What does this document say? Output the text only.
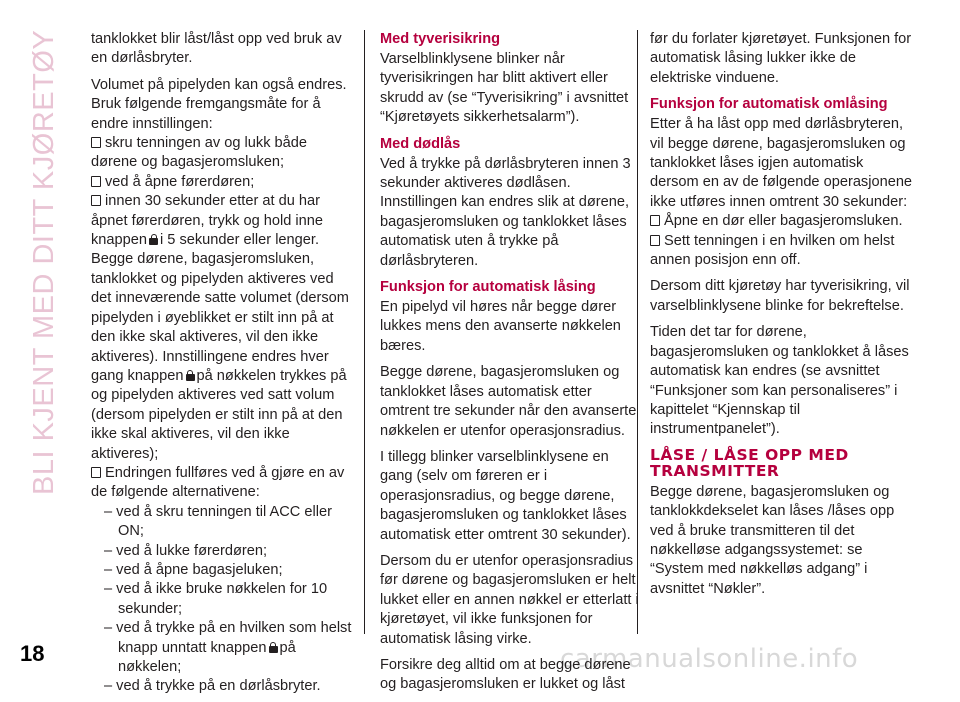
BLI KJENT MED DITT KJØRETØY
18	carmanualsonline.info

tanklokket blir låst/låst opp ved bruk av en dørlåsbryter.

Volumet på pipelyden kan også endres. Bruk følgende fremgangsmåte for å endre innstillingen:

skru tenningen av og lukk både dørene og bagasjeromsluken;

ved å åpne førerdøren;

innen 30 sekunder etter at du har åpnet førerdøren, trykk og hold inne knappen i 5 sekunder eller lenger. Begge dørene, bagasjeromsluken, tanklokket og pipelyden aktiveres ved det inneværende satte volumet (dersom pipelyden i øyeblikket er stilt inn på at den ikke skal aktiveres, vil den ikke aktiveres). Innstillingene endres hver gang knappen på nøkkelen trykkes på og pipelyden aktiveres ved satt volum (dersom pipelyden er stilt inn på at den ikke skal aktiveres, vil den ikke aktiveres);

Endringen fullføres ved å gjøre en av de følgende alternativene:

– ved å skru tenningen til ACC eller ON;

– ved å lukke førerdøren;

– ved å åpne bagasjeluken;

– ved å ikke bruke nøkkelen for 10 sekunder;

– ved å trykke på en hvilken som helst knapp unntatt knappen på nøkkelen;

– ved å trykke på en dørlåsbryter.

Med tyverisikring

Varselblinklysene blinker når tyverisikringen har blitt aktivert eller skrudd av (se “Tyverisikring” i avsnittet “Kjøretøyets sikkerhetsalarm”).

Med dødlås

Ved å trykke på dørlåsbryteren innen 3 sekunder aktiveres dødlåsen. Innstillingen kan endres slik at dørene, bagasjeromsluken og tanklokket låses automatisk uten å trykke på dørlåsbryteren.

Funksjon for automatisk låsing

En pipelyd vil høres når begge dører lukkes mens den avanserte nøkkelen bæres.

Begge dørene, bagasjeromsluken og tanklokket låses automatisk etter omtrent tre sekunder når den avanserte nøkkelen er utenfor operasjonsradius.

I tillegg blinker varselblinklysene en gang (selv om føreren er i operasjonsradius, og begge dørene, bagasjeromsluken og tanklokket låses automatisk etter omtrent 30 sekunder).

Dersom du er utenfor operasjonsradius før dørene og bagasjeromsluken er helt lukket eller en annen nøkkel er etterlatt i kjøretøyet, vil ikke funksjonen for automatisk låsing virke.

Forsikre deg alltid om at begge dørene og bagasjeromsluken er lukket og låst

før du forlater kjøretøyet. Funksjonen for automatisk låsing lukker ikke de elektriske vinduene.

Funksjon for automatisk omlåsing

Etter å ha låst opp med dørlåsbryteren, vil begge dørene, bagasjeromsluken og tanklokket låses igjen automatisk dersom en av de følgende operasjonene ikke utføres innen omtrent 30 sekunder:

Åpne en dør eller bagasjeromsluken.

Sett tenningen i en hvilken om helst annen posisjon enn off.

Dersom ditt kjøretøy har tyverisikring, vil varselblinklysene blinke for bekreftelse.

Tiden det tar for dørene, bagasjeromsluken og tanklokket å låses automatisk kan endres (se avsnittet “Funksjoner som kan personaliseres” i kapittelet “Kjennskap til instrumentpanelet”).

LÅSE / LÅSE OPP MED TRANSMITTER

Begge dørene, bagasjeromsluken og tanklokkdekselet kan låses /låses opp ved å bruke transmitteren til det nøkkelløse adgangssystemet: se “System med nøkkelløs adgang” i avsnittet “Nøkler”.
